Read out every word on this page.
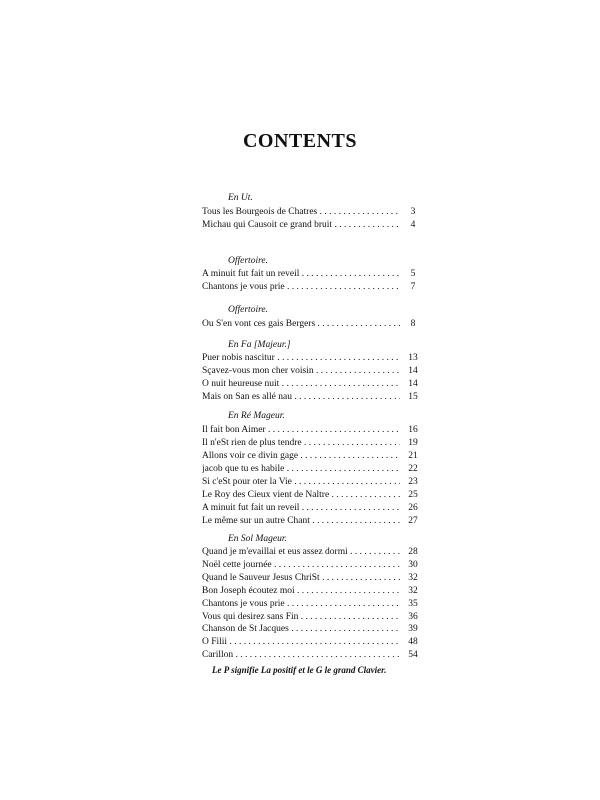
CONTENTS
En Ut.
Tous les Bourgeois de Chatres . . .	3
Michau qui Causoit ce grand bruit . . .	4
Offertoire.
A minuit fut fait un reveil . . .	5
Chantons je vous prie . . .	7
Offertoire.
Ou S'en vont ces gais Bergers . . .	8
En Fa [Majeur.]
Puer nobis nascitur . . .	13
Sçavez-vous mon cher voisin . . .	14
O nuit heureuse nuit . . .	14
Mais on San es allé nau . . .	15
En Ré Mageur.
Il fait bon Aimer . . .	16
Il n'eSt rien de plus tendre . . .	19
Allons voir ce divin gage . . .	21
jacob que tu es habile . . .	22
Si c'eSt pour oter la Vie . . .	23
Le Roy des Cieux vient de Naltre . . .	25
A minuit fut fait un reveil . . .	26
Le même sur un autre Chant . . .	27
En Sol Mageur.
Quand je m'evaillai et eus assez dormi . . .	28
Noël cette journée . . .	30
Quand le Sauveur Jesus ChriSt . . .	32
Bon Joseph écoutez moi . . .	32
Chantons je vous prie . . .	35
Vous qui desirez sans Fin . . .	36
Chanson de St Jacques . . .	39
O Filii . . .	48
Carillon . . .	54
Le P signifie La positif et le G le grand Clavier.
